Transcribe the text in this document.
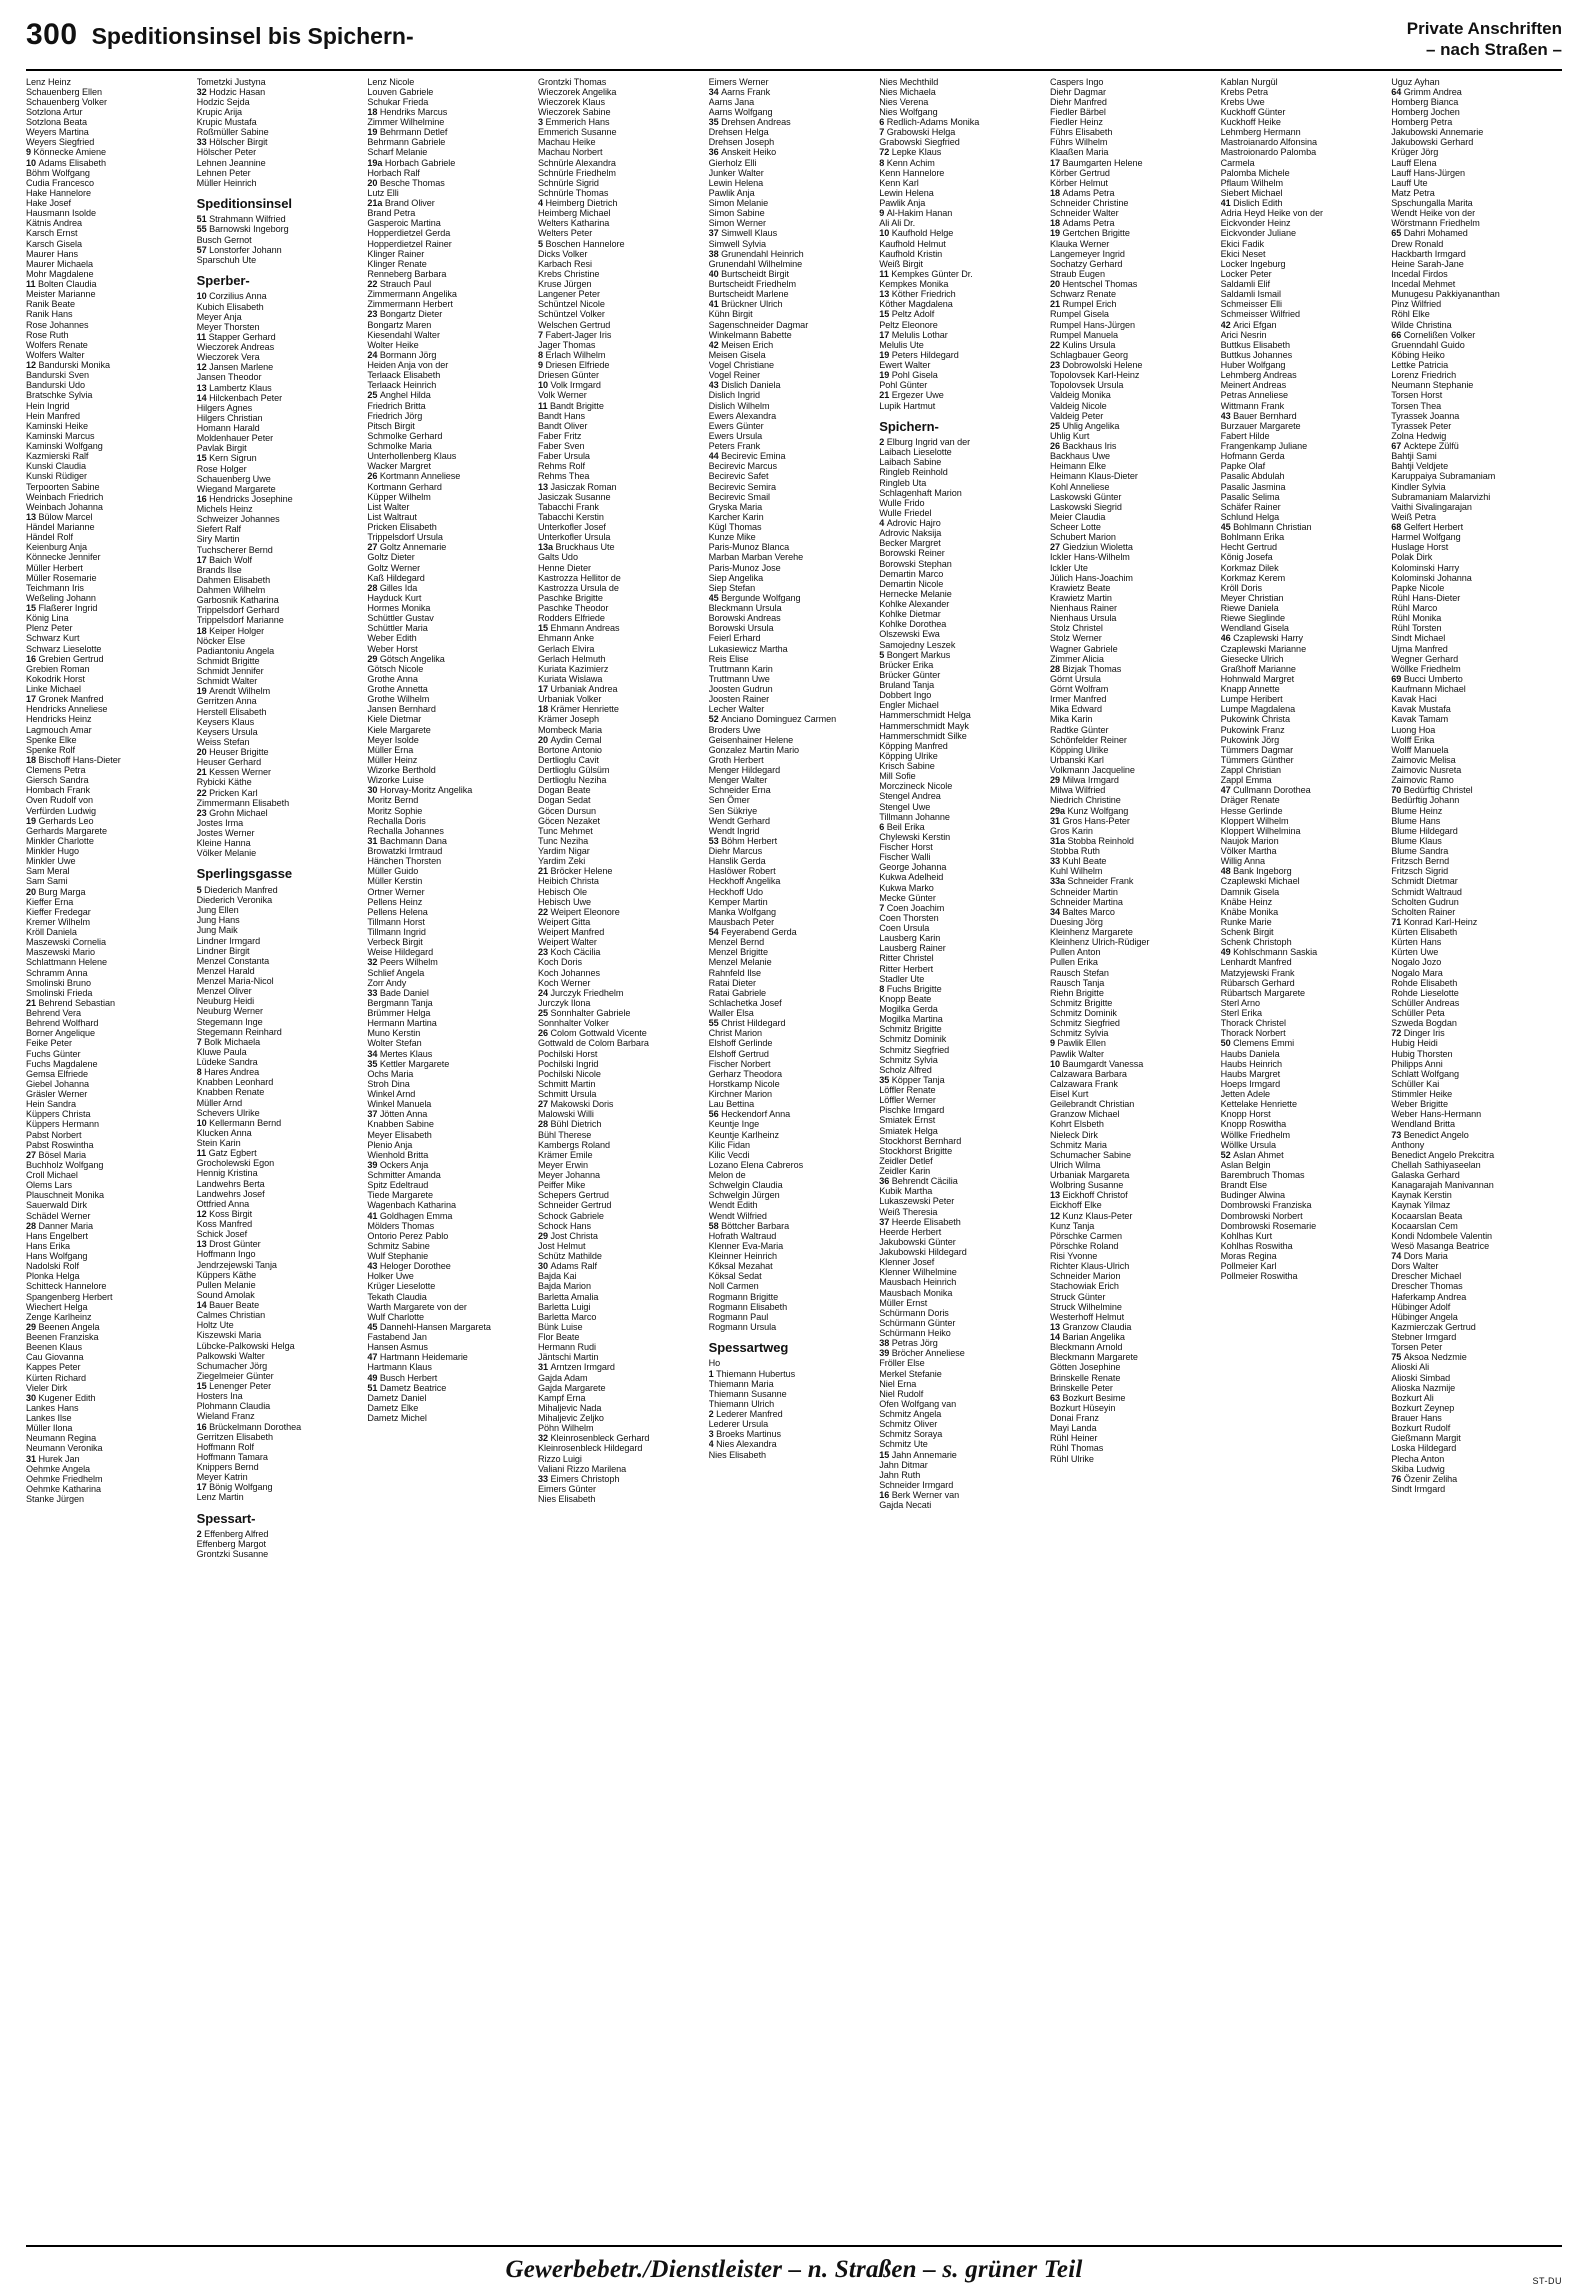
300 Speditionsinsel bis Spichern-	Private Anschriften
– nach Straßen –
Lenz Heinz
Schauenberg Ellen
Schauenberg Volker
Sotzlona Artur
Sotzlona Beata
Weyers Martina
Weyers Siegfried
9 Könnecke Amiene
10 Adams Elisabeth
Böhm Wolfgang
Cudia Francesco
Hake Hannelore
Hake Josef
Hausmann Isolde
Kätnis Andrea
Karsch Ernst
Karsch Gisela
Maurer Hans
Maurer Michaela
Mohr Magdalene
11 Bolten Claudia
Meister Marianne
Ranik Beate
Ranik Hans
Rose Johannes
Rose Ruth
Wolfers Renate
Wolfers Walter
12 Bandurski Monika
Bandurski Sven
Bandurski Udo
Bratschke Sylvia
Hein Ingrid
Hein Manfred
Kaminski Heike
Kaminski Marcus
Kaminski Wolfgang
Kazmierski Ralf
Kunski Claudia
Kunski Rüdiger
Terpoorten Sabine
Weinbach Friedrich
Weinbach Johanna
13 Bülow Marcel
Händel Marianne
Händel Rolf
Keienburg Anja
Könnecke Jennifer
Müller Herbert
Müller Rosemarie
Teichmann Iris
Weßeling Johann
15 Flaßerer Ingrid
König Lina
Plenz Peter
Schwarz Kurt
Schwarz Lieselotte
16 Grebien Gertrud
Grebien Roman
Kokodrik Horst
Linke Michael
17 Gronek Manfred
Hendricks Anneliese
Hendricks Heinz
Lagmouch Amar
Spenke Elke
Spenke Rolf
18 Bischoff Hans-Dieter
Clemens Petra
Giersch Sandra
Hombach Frank
Oven Rudolf von
Verfürden Ludwig
19 Gerhards Leo
Gerhards Margarete
Minkler Charlotte
Minkler Hugo
Minkler Uwe
Sam Meral
Sam Sami
20 Burg Marga
Kieffer Erna
Kieffer Fredegar
Kremer Wilhelm
Kröll Daniela
Maszewski Cornelia
Maszewski Mario
Schlattmann Helene
Schramm Anna
Smolinski Bruno
Smolinski Frieda
21 Behrend Sebastian
Behrend Vera
Behrend Wolfhard
Borner Angelique
Feike Peter
Fuchs Günter
Fuchs Magdalene
Gemsa Elfriede
Giebel Johanna
Gräsler Werner
Hein Sandra
Küppers Christa
Küppers Hermann
Pabst Norbert
Pabst Roswintha
27 Bösel Maria
Buchholz Wolfgang
Croll Michael
Olems Lars
Plauschneit Monika
Sauerwald Dirk
Schädel Werner
28 Danner Maria
Hans Engelbert
Hans Erika
Hans Wolfgang
Nadolski Rolf
Plonka Helga
Schitteck Hannelore
Spangenberg Herbert
Wiechert Helga
Zenge Karlheinz
29 Beenen Angela
Beenen Franziska
Beenen Klaus
Cau Giovanna
Kappes Peter
Kürten Richard
Vieler Dirk
30 Kugener Edith
Lankes Hans
Lankes Ilse
Müller Ilona
Neumann Regina
Neumann Veronika
31 Hurek Jan
Oehmke Angela
Oehmke Friedhelm
Oehmke Katharina
Stanke Jürgen
Tometzki Justyna
32 Hodzic Hasan
Hodzic Sejda
Krupic Arija
Krupic Mustafa
Roßmüller Sabine
33 Hölscher Birgit
Hölscher Peter
Lehnen Jeannine
Lehnen Peter
Müller Heinrich
Speditionsinsel
51 Strahmann Wilfried
55 Barnowski Ingeborg
Busch Gernot
57 Lonstorfer Johann
Sparschuh Ute
Sperber-
10 Corzilius Anna
Kubich Elisabeth
Meyer Anja
Meyer Thorsten
11 Stapper Gerhard
Wieczorek Andreas
Wieczorek Vera
12 Jansen Marlene
Jansen Theodor
13 Lambertz Klaus
14 Hilckenbach Peter
Hilgers Agnes
Hilgers Christian
Homann Harald
Moldenhauer Peter
Pavlak Birgit
15 Kern Sigrun
Rose Holger
Schauenberg Uwe
Wiegand Margarete
16 Hendricks Josephine
Michels Heinz
Schweizer Johannes
Siefert Ralf
Siry Martin
Tuchscherer Bernd
17 Baich Wolf
Brands Ilse
Dahmen Elisabeth
Dahmen Wilhelm
Garbosnik Katharina
Trippelsdorf Gerhard
Trippelsdorf Marianne
18 Keiper Holger
Nöcker Else
Padiantoniu Angela
Schmidt Brigitte
Schmidt Jennifer
Schmidt Walter
19 Arendt Wilhelm
Gerritzen Anna
Herstell Elisabeth
Keysers Klaus
Keysers Ursula
Weiss Stefan
20 Heuser Brigitte
Heuser Gerhard
21 Kessen Werner
Rybicki Käthe
22 Pricken Karl
Zimmermann Elisabeth
23 Grohn Michael
Jostes Irma
Jostes Werner
Kleine Hanna
Völker Melanie
Sperlingsgasse
5 Diederich Manfred
Diederich Veronika
Jung Ellen
Jung Hans
Jung Maik
Lindner Irmgard
Lindner Birgit
Menzel Constanta
Menzel Harald
Menzel Maria-Nicol
Menzel Oliver
Neuburg Heidi
Neuburg Werner
Stegemann Inge
Stegemann Reinhard
7 Bolk Michaela
Kluwe Paula
Lüdeke Sandra
8 Hares Andrea
Knabben Leonhard
Knabben Renate
Müller Arnd
Schevers Ulrike
10 Kellermann Bernd
Klucken Anna
Stein Karin
11 Gatz Egbert
Grocholewski Egon
Hennig Kristina
Landwehrs Berta
Landwehrs Josef
Ottfried Anna
12 Koss Birgit
Koss Manfred
Schick Josef
13 Drost Günter
Hoffmann Ingo
Jendrzejewski Tanja
Küppers Käthe
Pullen Melanie
Sound Amolak
14 Bauer Beate
Calmes Christian
Holtz Ute
Kiszewski Maria
Lübcke-Palkowski Helga
Palkowski Walter
Schumacher Jörg
Ziegelmeier Günter
15 Lenenger Peter
Hosters Ina
Plohmann Claudia
Wieland Franz
16 Brückelmann Dorothea
Gerritzen Elisabeth
Hoffmann Rolf
Hoffmann Tamara
Knippers Bernd
Meyer Katrin
17 Bönig Wolfgang
Lenz Martin
Spessart-
2 Effenberg Alfred
Effenberg Margot
Grontzki Susanne
Lenz Nicole
Louven Gabriele
Schukar Frieda
18 Hendriks Marcus
Zimmer Wilhelmine
19 Behrmann Detlef
Behrmann Gabriele
Scharf Melanie
19a Horbach Gabriele
Horbach Ralf
20 Besche Thomas
Lutz Elli
21a Brand Oliver
Brand Petra
Gasperoic Martina
Hopperdietzel Gerda
Hopperdietzel Rainer
Klinger Rainer
Klinger Renate
Renneberg Barbara
22 Strauch Paul
Zimmermann Angelika
Zimmermann Herbert
23 Bongartz Dieter
Bongartz Maren
Kiesendahl Walter
Wolter Heike
24 Bormann Jörg
Heiden Anja von der
Terlaack Elisabeth
Terlaack Heinrich
25 Anghel Hilda
Friedrich Britta
Friedrich Jörg
Pitsch Birgit
Schmolke Gerhard
Schmolke Maria
Unterhollenberg Klaus
Wacker Margret
26 Kortmann Anneliese
Kortmann Gerhard
Küpper Wilhelm
List Walter
List Waltraut
Pricken Elisabeth
Trippelsdorf Ursula
27 Goltz Annemarie
Goltz Dieter
Goltz Werner
Kaß Hildegard
28 Gilles Ida
Hayduck Kurt
Hormes Monika
Schüttler Gustav
Schüttler Maria
Weber Edith
Weber Horst
29 Götsch Angelika
Götsch Nicole
Grothe Anna
Grothe Annetta
Grothe Wilhelm
Jansen Bernhard
Kiele Dietmar
Kiele Margarete
Meyer Isolde
Müller Erna
Müller Heinz
Wizorke Berthold
Wizorke Luise
30 Horvay-Moritz Angelika
Moritz Bernd
Moritz Sophie
Rechalla Doris
Rechalla Johannes
31 Bachmann Dana
Browatzki Irmtraud
Hänchen Thorsten
Müller Guido
Müller Kerstin
Ortner Werner
Pellens Heinz
Pellens Helena
Tillmann Horst
Tillmann Ingrid
Verbeck Birgit
Weise Hildegard
32 Peers Wilhelm
Schlief Angela
Zorr Andy
33 Bade Daniel
Bergmann Tanja
Brümmer Helga
Hermann Martina
Muno Kerstin
Wolter Stefan
34 Mertes Klaus
35 Kettler Margarete
Ochs Maria
Stroh Dina
Winkel Arnd
Winkel Manuela
37 Jötten Anna
Knabben Sabine
Meyer Elisabeth
Plenio Anja
Wienhold Britta
39 Ockers Anja
Schmitter Amanda
Spitz Edeltraud
Tiede Margarete
Wagenbach Katharina
41 Goldhagen Emma
Mölders Thomas
Ontorio Perez Pablo
Schmitz Sabine
Wulf Stephanie
43 Heloger Dorothee
Holker Uwe
Krüger Lieselotte
Tekath Claudia
Warth Margarete von der
Wulf Charlotte
45 Dannehl-Hansen Margareta
Fastabend Jan
Hansen Asmus
47 Hartmann Heidemarie
Hartmann Klaus
49 Busch Herbert
51 Dametz Beatrice
Dametz Daniel
Dametz Elke
Dametz Michel
Grontzki Thomas
Wieczorek Angelika
Wieczorek Klaus
Wieczorek Sabine
3 Emmerich Hans
Emmerich Susanne
Machau Heike
Machau Norbert
Schnürle Alexandra
Schnürle Friedhelm
Schnürle Sigrid
Schnürle Thomas
4 Heimberg Dietrich
Heimberg Michael
Welters Katharina
Welters Peter
5 Boschen Hannelore
Dicks Volker
Karbach Resi
Krebs Christine
Kruse Jürgen
Langener Peter
Schüntzel Nicole
Schüntzel Volker
Welschen Gertrud
7 Fabert-Jager Iris
Jager Thomas
8 Erlach Wilhelm
9 Driesen Elfriede
Driesen Günter
10 Volk Irmgard
Volk Werner
11 Bandt Brigitte
Bandt Hans
Bandt Oliver
Faber Fritz
Faber Sven
Faber Ursula
Rehms Rolf
Rehms Thea
13 Jasiczak Roman
Jasiczak Susanne
Tabacchi Frank
Tabacchi Kerstin
Unterkofler Josef
Unterkofler Ursula
13a Bruckhaus Ute
Galts Udo
Henne Dieter
Kastrozza Hellitor de
Kastrozza Ursula de
Paschke Brigitte
Paschke Theodor
Rodders Elfriede
15 Ehmann Andreas
Ehmann Anke
Gerlach Elvira
Gerlach Helmuth
Kuriata Kazimierz
Kuriata Wislawa
17 Urbaniak Andrea
Urbaniak Volker
18 Krämer Henriette
Krämer Joseph
Mombeck Maria
20 Aydin Cemal
Bortone Antonio
Dertlioglu Cavit
Dertlioglu Gülsüm
Dertlioglu Neziha
Dogan Beate
Dogan Sedat
Göcen Dursun
Göcen Nezaket
Tunc Mehmet
Tunc Neziha
Yardim Nigar
Yardim Zeki
21 Bröcker Helene
Heibich Christa
Hebisch Ole
Hebisch Uwe
22 Weipert Eleonore
Weipert Gitta
Weipert Manfred
Weipert Walter
23 Koch Cäcilia
Koch Doris
Koch Johannes
Koch Werner
24 Jurczyk Friedhelm
Jurczyk Ilona
25 Sonnhalter Gabriele
Sonnhalter Volker
26 Colom Gottwald Vicente
Gottwald de Colom Barbara
Pochilski Horst
Pochilski Ingrid
Pochilski Nicole
Schmitt Martin
Schmitt Ursula
27 Makowski Doris
Malowski Willi
28 Bühl Dietrich
Bühl Therese
Kambergs Roland
Krämer Emile
Meyer Erwin
Meyer Johanna
Peiffer Mike
Schepers Gertrud
Schneider Gertrud
Schock Gabriele
Schock Hans
29 Jost Christa
Jost Helmut
Schütz Mathilde
30 Adams Ralf
Bajda Kai
Bajda Marion
Barletta Amalia
Barletta Luigi
Barletta Marco
Bünk Luise
Flor Beate
Hermann Rudi
Jäntschi Martin
31 Arntzen Irmgard
Gajda Adam
Gajda Margarete
Kampf Erna
Mihaljevic Nada
Mihaljevic Zeljko
Pöhn Wilhelm
32 Kleinrosenbleck Gerhard
Kleinrosenbleck Hildegard
Rizzo Luigi
Valiani Rizzo Marilena
33 Eimers Christoph
Eimers Günter
Nies Elisabeth
Eimers Werner
34 Aarns Frank
Aarns Jana
Aarns Wolfgang
35 Drehsen Andreas
Drehsen Helga
Drehsen Joseph
36 Anskeit Heiko
Gierholz Elli
Junker Walter
Lewin Helena
Pawlik Anja
Simon Melanie
Simon Sabine
Simon Werner
37 Simwell Klaus
Simwell Sylvia
38 Grunendahl Heinrich
Grunendahl Wilhelmine
40 Burtscheidt Birgit
Burtscheidt Friedhelm
Burtscheidt Marlene
41 Brückner Ulrich
Kühn Birgit
Sagenschneider Dagmar
Winkelmann Babette
42 Meisen Erich
Meisen Gisela
Vogel Christiane
Vogel Reiner
43 Dislich Daniela
Dislich Ingrid
Dislich Wilhelm
Ewers Alexandra
Ewers Günter
Ewers Ursula
Peters Frank
44 Becirevic Emina
Becirevic Marcus
Becirevic Safet
Becirevic Semira
Becirevic Smail
Gryska Maria
Karcher Karin
Kügl Thomas
Kunze Mike
Paris-Munoz Blanca
Marban Marban Verehe
Paris-Munoz Jose
Siep Angelika
Siep Stefan
45 Bergunde Wolfgang
Bleckmann Ursula
Borowski Andreas
Borowski Ursula
Feierl Erhard
Lukasiewicz Martha
Reis Elise
Truttmann Karin
Truttmann Uwe
Joosten Gudrun
Joosten Rainer
Lecher Walter
52 Anciano Dominguez Carmen
Broders Uwe
Geisenhainer Helene
Gonzalez Martin Mario
Groth Herbert
Menger Hildegard
Menger Walter
Schneider Erna
Sen Ömer
Sen Sükriye
Wendt Gerhard
Wendt Ingrid
53 Böhm Herbert
Diehr Marcus
Hanslik Gerda
Haslöwer Robert
Heckhoff Angelika
Heckhoff Udo
Kemper Martin
Manka Wolfgang
Mausbach Peter
54 Feyerabend Gerda
Menzel Bernd
Menzel Brigitte
Menzel Melanie
Rahnfeld Ilse
Ratai Dieter
Ratai Gabriele
Schlachetka Josef
Waller Elsa
55 Christ Hildegard
Christ Marion
Elshoff Gerlinde
Elshoff Gertrud
Fischer Norbert
Gerharz Theodora
Horstkamp Nicole
Kirchner Marion
Lau Bettina
56 Heckendorf Anna
Keuntje Inge
Keuntje Karlheinz
Kilic Fidan
Kilic Vecdi
Lozano Elena Cabreros
Melon de
Schwelgin Claudia
Schwelgin Jürgen
Wendt Edith
Wendt Wilfried
58 Böttcher Barbara
Hofrath Waltraud
Klenner Eva-Maria
Kleinner Heinrich
Kőksal Mezahat
Köksal Sedat
Noll Carmen
Rogmann Brigitte
Rogmann Elisabeth
Rogmann Paul
Rogmann Ursula
Spessartweg
Ho
1 Thiemann Hubertus
Thiemann Maria
Thiemann Susanne
Thiemann Ulrich
2 Lederer Manfred
Lederer Ursula
3 Broeks Martinus
4 Nies Alexandra
Nies Elisabeth
Nies Mechthild
Nies Michaela
Nies Verena
Nies Wolfgang
6 Redlich-Adams Monika
7 Grabowski Helga
Grabowski Siegfried
72 Lepke Klaus
8 Kenn Achim
Kenn Hannelore
Kenn Karl
Lewin Helena
Pawlik Anja
9 Al-Hakim Hanan
Ali Ali Dr.
10 Kaufhold Helge
Kaufhold Helmut
Kaufhold Kristin
Weiß Birgit
11 Kempkes Günter Dr.
Kempkes Monika
13 Köther Friedrich
Köther Magdalena
15 Peltz Adolf
Peltz Eleonore
17 Melulis Lothar
Melulis Ute
19 Peters Hildegard
Ewert Walter
19 Pohl Gisela
Pohl Günter
21 Ergezer Uwe
Lupik Hartmut
Spichern-
2 Elburg Ingrid van der
Laibach Lieselotte
Laibach Sabine
Ringleb Reinhold
Ringleb Uta
Schlagenhaft Marion
Wulle Frido
Wulle Friedel
4 Adrovic Hajro
Adrovic Naksija
Becker Margret
Borowski Reiner
Borowski Stephan
Demartin Marco
Demartin Nicole
Hernecke Melanie
Kohlke Alexander
Kohlke Dietmar
Kohlke Dorothea
Olszewski Ewa
Samojedny Leszek
5 Bongert Markus
Brücker Erika
Brücker Günter
Bruland Tanja
Dobbert Ingo
Engler Michael
Hammerschmidt Helga
Hammerschmidt Mayk
Hammerschmidt Silke
Köpping Manfred
Köpping Ulrike
Krisch Sabine
Mill Sofie
Morczineck Nicole
Stengel Andrea
Stengel Uwe
Tillmann Johanne
6 Beil Erika
Chylewski Kerstin
Fischer Horst
Fischer Walli
George Johanna
Kukwa Adelheid
Kukwa Marko
Mecke Günter
7 Coen Joachim
Coen Thorsten
Coen Ursula
Lausberg Karin
Lausberg Rainer
Ritter Christel
Ritter Herbert
Stadler Ute
8 Fuchs Brigitte
Knopp Beate
Mogilka Gerda
Mogilka Martina
Schmitz Brigitte
Schmitz Dominik
Schmitz Siegfried
Schmitz Sylvia
Scholz Alfred
35 Köpper Tanja
Löffler Renate
Löffler Werner
Pischke Irmgard
Smiatek Ernst
Smiatek Helga
Stockhorst Bernhard
Stockhorst Brigitte
Zeidler Detlef
Zeidler Karin
36 Behrendt Cäcilia
Kubik Martha
Lukaszewski Peter
Weiß Theresia
37 Heerde Elisabeth
Heerde Herbert
Jakubowski Günter
Jakubowski Hildegard
Klenner Josef
Klenner Wilhelmine
Mausbach Heinrich
Mausbach Monika
Müller Ernst
Schürmann Doris
Schürmann Günter
Schürmann Heiko
38 Petras Jörg
39 Bröcher Anneliese
Fröller Else
Merkel Stefanie
Niel Erna
Niel Rudolf
Ofen Wolfgang van
Schmitz Angela
Schmitz Oliver
Schmitz Soraya
Schmitz Ute
15 Jahn Annemarie
Jahn Ditmar
Jahn Ruth
Schneider Irmgard
16 Berk Werner van
Gajda Necati
Caspers Ingo
Diehr Dagmar
Diehr Manfred
Fiedler Bärbel
Fiedler Heinz
Führs Elisabeth
Führs Wilhelm
Klaaßen Maria
17 Baumgarten Helene
Körber Gertrud
Körber Helmut
18 Adams Petra
Schneider Christine
Schneider Walter
18 Adams Petra
19 Gertchen Brigitte
Klauka Werner
Langemeyer Ingrid
Sochatzy Gerhard
Straub Eugen
20 Hentschel Thomas
Schwarz Renate
21 Rumpel Erich
Rumpel Gisela
Rumpel Hans-Jürgen
Rumpel Manuela
22 Kulins Ursula
Schlagbauer Georg
23 Dobrowolski Helene
Topolovsek Karl-Heinz
Topolovsek Ursula
Valdeig Monika
Valdeig Nicole
Valdeig Peter
25 Uhlig Angelika
Uhlig Kurt
26 Backhaus Iris
Backhaus Uwe
Heimann Elke
Heimann Klaus-Dieter
Kohl Anneliese
Laskowski Günter
Laskowski Siegrid
Meier Claudia
Scheer Lotte
Schubert Marion
27 Giedziun Wioletta
Ickler Hans-Wilhelm
Ickler Ute
Jülich Hans-Joachim
Krawietz Beate
Krawietz Martin
Nienhaus Rainer
Nienhaus Ursula
Stolz Christel
Stolz Werner
Wagner Gabriele
Zimmer Alicia
28 Bizjak Thomas
Görnt Ursula
Görnt Wolfram
Irmer Manfred
Mika Edward
Mika Karin
Radtke Günter
Schönfelder Reiner
Köpping Ulrike
Urbanski Karl
Volkmann Jacqueline
29 Milwa Irmgard
Milwa Wilfried
Niedrich Christine
29a Kunz Wolfgang
31 Gros Hans-Peter
Gros Karin
31a Stobba Reinhold
Stobba Ruth
33 Kuhl Beate
Kuhl Wilhelm
33a Schneider Frank
Schneider Martin
Schneider Martina
34 Baltes Marco
Duesing Jörg
Kleinhenz Margarete
Kleinhenz Ulrich-Rüdiger
Pullen Anton
Pullen Erika
Rausch Stefan
Rausch Tanja
Riehn Brigitte
Schmitz Brigitte
Schmitz Dominik
Schmitz Siegfried
Schmitz Sylvia
9 Pawlik Ellen
Pawlik Walter
10 Baumgardt Vanessa
Calzawara Barbara
Calzawara Frank
Eisel Kurt
Geilebrandt Christian
Granzow Michael
Kohrt Elsbeth
Nieleck Dirk
Schmitz Maria
Schumacher Sabine
Ulrich Wilma
Urbaniak Margareta
Wolbring Susanne
13 Eickhoff Christof
Eickhoff Elke
12 Kunz Klaus-Peter
Kunz Tanja
Pörschke Carmen
Pörschke Roland
Risi Yvonne
Richter Klaus-Ulrich
Schneider Marion
Stachowiak Erich
Struck Günter
Struck Wilhelmine
Westerhoff Helmut
13 Granzow Claudia
14 Barian Angelika
Bleckmann Arnold
Bleckmann Margarete
Götten Josephine
Brinskelle Renate
Brinskelle Peter
63 Bozkurt Besime
Bozkurt Hüseyin
Donai Franz
Mayi Landa
Rühl Heiner
Rühl Thomas
Rühl Ulrike
Kablan Nurgül
Krebs Petra
Krebs Uwe
Kuckhoff Günter
Kuckhoff Heike
Lehmberg Hermann
Mastroianardo Alfonsina
Mastroionardo Palomba
Carmela
Palomba Michele
Pflaum Wilhelm
Siebert Michael
41 Dislich Edith
Adria Heyd Heike von der
Eickvonder Heinz
Eickvonder Juliane
Ekici Fadik
Ekici Neset
Locker Ingeburg
Locker Peter
Saldamli Elif
Saldamli Ismail
Schmeisser Elli
Schmeisser Wilfried
42 Arici Efgan
Arici Nesrin
Buttkus Elisabeth
Buttkus Johannes
Huber Wolfgang
Lehmberg Andreas
Meinert Andreas
Petras Anneliese
Wittmann Frank
43 Bauer Bernhard
Burzauer Margarete
Fabert Hilde
Frangenkamp Juliane
Hofmann Gerda
Papke Olaf
Pasalic Abdulah
Pasalic Jasmina
Pasalic Selima
Schäfer Rainer
Schlund Helga
45 Bohlmann Christian
Bohlmann Erika
Hecht Gertrud
König Josefa
Korkmaz Dilek
Korkmaz Kerem
Kröll Doris
Meyer Christian
Riewe Daniela
Riewe Sieglinde
Wendland Gisela
46 Czaplewski Harry
Czaplewski Marianne
Giesecke Ulrich
Graßhoff Marianne
Hohnwald Margret
Knapp Annette
Lumpe Heribert
Lumpe Magdalena
Pukowink Christa
Pukowink Franz
Pukowink Jörg
Tümmers Dagmar
Tümmers Günther
Zappl Christian
Zappl Emma
47 Cullmann Dorothea
Dräger Renate
Hesse Gerlinde
Kloppert Wilhelm
Kloppert Wilhelmina
Naujok Marion
Völker Martha
Willig Anna
48 Bank Ingeborg
Czaplewski Michael
Damnik Gisela
Knäbe Heinz
Knäbe Monika
Runke Marie
Schenk Birgit
Schenk Christoph
49 Kohlschmann Saskia
Lenhardt Manfred
Matzyjewski Frank
Rübarsch Gerhard
Rübartsch Margarete
Sterl Arno
Sterl Erika
Thorack Christel
Thorack Norbert
50 Clemens Emmi
Haubs Daniela
Haubs Heinrich
Haubs Margret
Hoeps Irmgard
Jetten Adele
Kettelake Henriette
Knopp Horst
Knopp Roswitha
Wöllke Friedhelm
Wöllke Ursula
52 Aslan Ahmet
Aslan Belgin
Barembruch Thomas
Brandt Else
Budinger Alwina
Dombrowski Franziska
Dombrowski Norbert
Dombrowski Rosemarie
Kohlhas Kurt
Kohlhas Roswitha
Moras Regina
Pollmeier Karl
Pollmeier Roswitha
Uguz Ayhan
64 Grimm Andrea
Homberg Bianca
Homberg Jochen
Homberg Petra
Jakubowski Annemarie
Jakubowski Gerhard
Krüger Jörg
Lauff Elena
Lauff Hans-Jürgen
Lauff Ute
Matz Petra
Spschungalla Marita
Wendt Heike von der
Wörstmann Friedhelm
65 Dahri Mohamed
Drew Ronald
Hackbarth Irmgard
Heine Sarah-Jane
Incedal Firdos
Incedal Mehmet
Munugesu Pakkiyananthan
Pinz Wilfried
Röhl Elke
Wilde Christina
66 Cornelißen Volker
Gruenndahl Guido
Köbing Heiko
Lettke Patricia
Lorenz Friedrich
Neumann Stephanie
Torsen Horst
Torsen Thea
Tyrassek Joanna
Tyrassek Peter
Zolna Hedwig
67 Acktepe Zülfü
Bahtji Sami
Bahtji Veldjete
Karuppaiya Subramaniam
Kindler Sylvia
Subramaniam Malarvizhi
Vaithi Sivalingarajan
Weiß Petra
68 Gelfert Herbert
Harmel Wolfgang
Huslage Horst
Polak Dirk
Kolominski Harry
Kolominski Johanna
Papke Nicole
Rühl Hans-Dieter
Rühl Marco
Rühl Monika
Rühl Torsten
Sindt Michael
Ujma Manfred
Wegner Gerhard
Wöllke Friedhelm
69 Bucci Umberto
Kaufmann Michael
Kavak Haci
Kavak Mustafa
Kavak Tamam
Luong Hoa
Wolff Erika
Wolff Manuela
Zaimovic Melisa
Zaimovic Nusreta
Zaimovic Ramo
70 Bedürftig Christel
Bedürftig Johann
Blume Heinz
Blume Hans
Blume Hildegard
Blume Klaus
Blume Sandra
Fritzsch Bernd
Fritzsch Sigrid
Schmidt Dietmar
Schmidt Waltraud
Scholten Gudrun
Scholten Rainer
71 Konrad Karl-Heinz
Kürten Elisabeth
Kürten Hans
Kürten Uwe
Nogalo Jozo
Nogalo Mara
Rohde Elisabeth
Rohde Lieselotte
Schüller Andreas
Schüller Peta
Szweda Bogdan
72 Dinger Iris
Hubig Heidi
Hubig Thorsten
Philipps Anni
Schlatt Wolfgang
Schüller Kai
Stimmler Heike
Weber Brigitte
Weber Hans-Hermann
Wendland Britta
73 Benedict Angelo
Anthony
Benedict Angelo Prekcitra
Chellah Sathiyaseelan
Galaska Gerhard
Kanagarajah Manivannan
Kaynak Kerstin
Kaynak Yilmaz
Kocaarslan Beata
Kocaarslan Cem
Kondi Ndombele Valentin
Wesö Masanga Beatrice
74 Dors Maria
Dors Walter
Drescher Michael
Drescher Thomas
Haferkamp Andrea
Hübinger Adolf
Hübinger Angela
Kazmierczak Gertrud
Stebner Irmgard
Torsen Peter
75 Aksoa Nedzmie
Alioski Ali
Alioski Simbad
Alioska Nazmije
Bozkurt Ali
Bozkurt Zeynep
Brauer Hans
Bozkurt Rudolf
Gießmann Margit
Loska Hildegard
Plecha Anton
Skiba Ludwig
76 Özenir Zeliha
Sindt Irmgard
Gewerbebetr./Dienstleister – n. Straßen – s. grüner Teil	ST-DU
